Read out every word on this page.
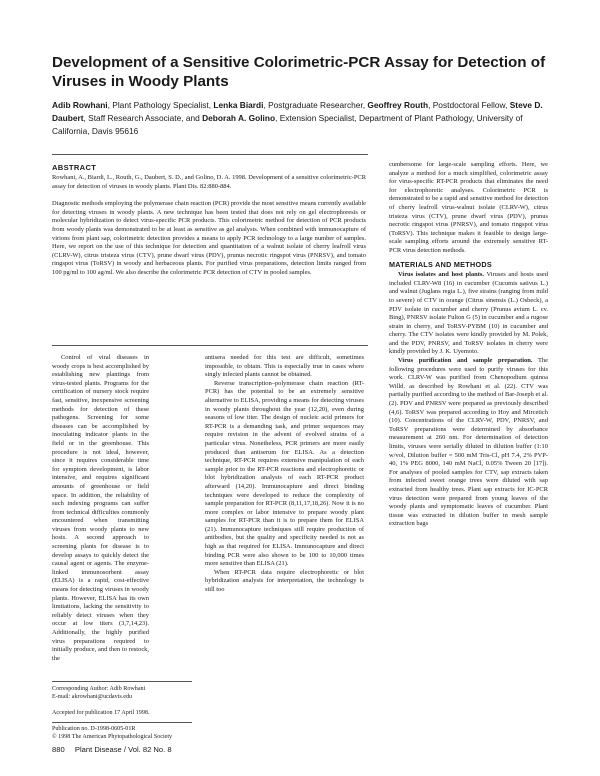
Development of a Sensitive Colorimetric-PCR Assay for Detection of Viruses in Woody Plants
Adib Rowhani, Plant Pathology Specialist, Lenka Biardi, Postgraduate Researcher, Geoffrey Routh, Postdoctoral Fellow, Steve D. Daubert, Staff Research Associate, and Deborah A. Golino, Extension Specialist, Department of Plant Pathology, University of California, Davis 95616
ABSTRACT

Rowhani, A., Biardi, L., Routh, G., Daubert, S. D., and Golino, D. A. 1998. Development of a sensitive colorimetric-PCR assay for detection of viruses in woody plants. Plant Dis. 82:880-884.

Diagnostic methods employing the polymerase chain reaction (PCR) provide the most sensitive means currently available for detecting viruses in woody plants. A new technique has been tested that does not rely on gel electrophoresis or molecular hybridization to detect virus-specific PCR products. This colorimetric method for detection of PCR products from woody plants was demonstrated to be at least as sensitive as gel analysis. When combined with immunocapture of virions from plant sap, colorimetric detection provides a means to apply PCR technology to a large number of samples. Here, we report on the use of this technique for detection and quantitation of a walnut isolate of cherry leafroll virus (CLRV-W), citrus tristeza virus (CTV), prune dwarf virus (PDV), prunus necrotic ringspot virus (PNRSV), and tomato ringspot virus (ToRSV) in woody and herbaceous plants. For purified virus preparations, detection limits ranged from 100 pg/ml to 100 ag/ml. We also describe the colorimetric PCR detection of CTV in pooled samples.

Control of viral diseases in woody crops is best accomplished by establishing new plantings from virus-tested plants. Programs for the certification of nursery stock require fast, sensitive, inexpensive screening methods for detection of these pathogens. Screening for some diseases can be accomplished by inoculating indicator plants in the field or in the greenhouse. This procedure is not ideal, however, since it requires considerable time for symptom development, is labor intensive, and requires significant amounts of greenhouse or field space. In addition, the reliability of such indexing programs can suffer from technical difficulties commonly encountered when transmitting viruses from woody plants to new hosts. A second approach to screening plants for disease is to develop assays to quickly detect the causal agent or agents. The enzyme-linked immunosorbent assay (ELISA) is a rapid, cost-effective means for detecting viruses in woody plants. However, ELISA has its own limitations, lacking the sensitivity to reliably detect viruses when they occur at low titers (3,7,14,23). Additionally, the highly purified virus preparations required to initially produce, and then to restock, the

Corresponding Author: Adib Rowhani
E-mail: akrowhani@ucdavis.edu
Accepted for publication 17 April 1998.
Publication no. D-1998-0605-01R
© 1998 The American Phytopathological Society

antisera needed for this test are difficult, sometimes impossible, to obtain. This is especially true in cases where singly infected plants cannot be obtained.

Reverse transcription–polymerase chain reaction (RT-PCR) has the potential to be an extremely sensitive alternative to ELISA, providing a means for detecting viruses in woody plants throughout the year (12,20), even during seasons of low titer. The design of nucleic acid primers for RT-PCR is a demanding task, and primer sequences may require revision in the advent of evolved strains of a particular virus. Nonetheless, PCR primers are more easily produced than antiserum for ELISA. As a detection technique, RT-PCR requires extensive manipulation of each sample prior to the RT-PCR reactions and electrophoretic or blot hybridization analysis of each RT-PCR product afterward (14,20). Immunocapture and direct binding techniques were developed to reduce the complexity of sample preparation for RT-PCR (8,11,17,18,26). Now it is no more complex or labor intensive to prepare woody plant samples for RT-PCR than it is to prepare them for ELISA (21). Immunocapture techniques still require production of antibodies, but the quality and specificity needed is not as high as that required for ELISA. Immunocapture and direct binding PCR were also shown to be 100 to 10,000 times more sensitive than ELISA (21).

When RT-PCR data require electrophoretic or blot hybridization analysis for interpretation, the technology is still too

cumbersome for large-scale sampling efforts. Here, we analyze a method for a much simplified, colorimetric assay for virus-specific RT-PCR products that eliminates the need for electrophoretic analyses. Colorimetric PCR is demonstrated to be a rapid and sensitive method for detection of cherry leafroll virus-walnut isolate (CLRV-W), citrus tristeza virus (CTV), prune dwarf virus (PDV), prunus necrotic ringspot virus (PNRSV), and tomato ringspot virus (ToRSV). This technique makes it feasible to design large-scale sampling efforts around the extremely sensitive RT-PCR virus detection methods.

MATERIALS AND METHODS

Virus isolates and host plants. Viruses and hosts used included CLRV-W8 (16) in cucumber (Cucumis sativus L.) and walnut (Juglans regia L.), five strains (ranging from mild to severe) of CTV in orange (Citrus sinensis (L.) Osbeck), a PDV isolate in cucumber and cherry (Prunus avium L. cv. Bing), PNRSV isolate Fulton G (5) in cucumber and a rugose strain in cherry, and ToRSV-PYBM (10) in cucumber and cherry. The CTV isolates were kindly provided by M. Polek, and the PDV, PNRSV, and ToRSV isolates in cherry were kindly provided by J. K. Uyemoto.

Virus purification and sample preparation. The following procedures were used to purify viruses for this work. CLRV-W was purified from Chenopodium quinoa Willd. as described by Rowhani et al. (22). CTV was partially purified according to the method of Bar-Joseph et al. (2). PDV and PNRSV were prepared as previously described (4,6). ToRSV was prepared according to Hoy and Mircetich (10). Concentrations of the CLRV-W, PDV, PNRSV, and ToRSV preparations were determined by absorbance measurement at 260 nm. For determination of detection limits, viruses were serially diluted in dilution buffer (1:10 w/vol, Dilution buffer = 500 mM Tris-Cl, pH 7.4, 2% PVP-40, 1% PEG 8000, 140 mM NaCl, 0.05% Tween 20 [17]). For analyses of pooled samples for CTV, sap extracts taken from infected sweet orange trees were diluted with sap extracted from healthy trees. Plant sap extracts for IC-PCR virus detection were prepared from young leaves of the woody plants and symptomatic leaves of cucumber. Plant tissue was extracted in dilution buffer in mesh sample extraction bags

880 Plant Disease / Vol. 82 No. 8
